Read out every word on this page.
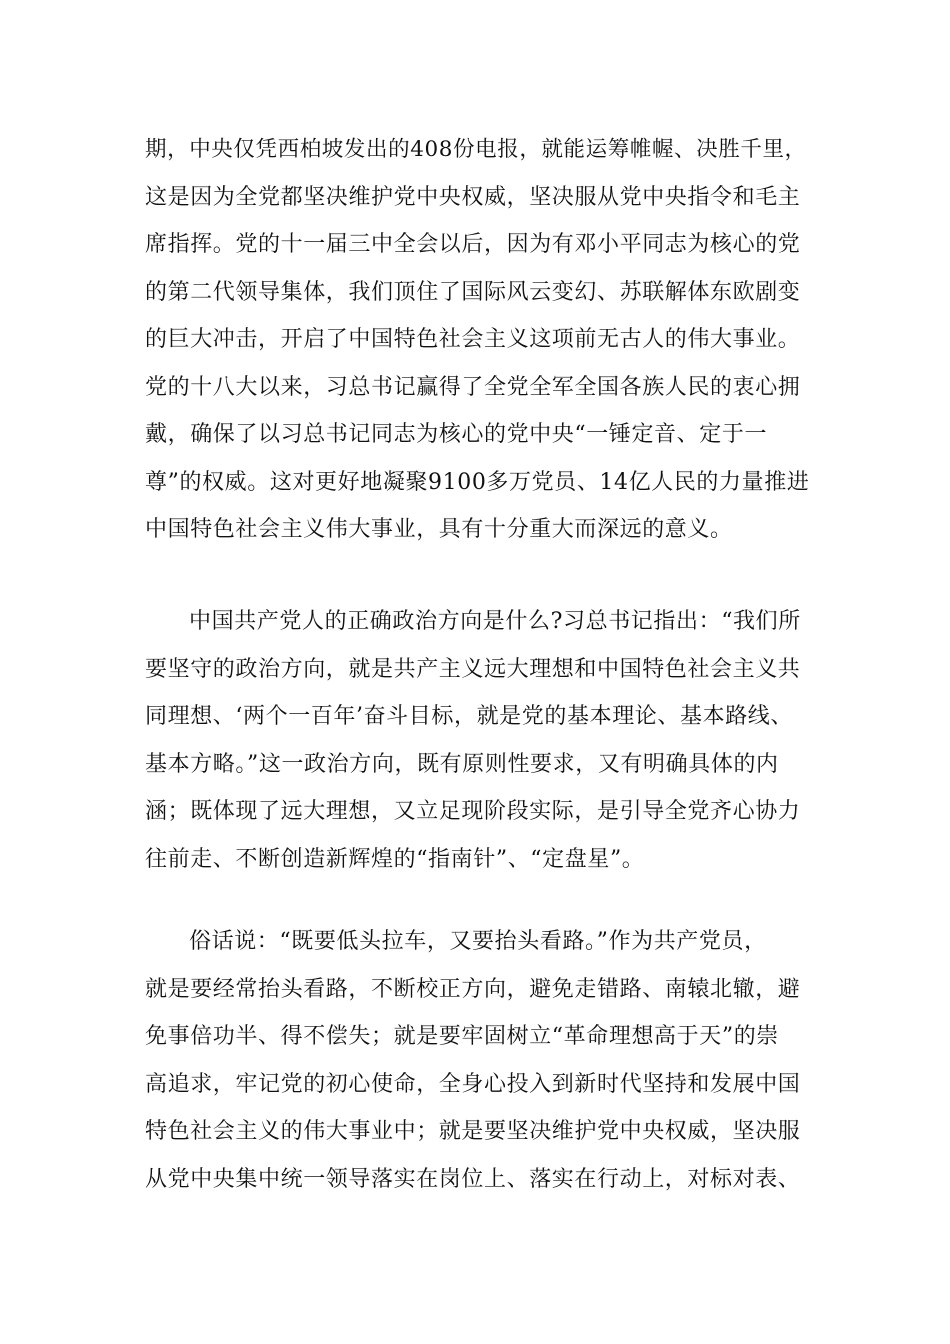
期，中央仅凭西柏坡发出的408份电报，就能运筹帷幄、决胜千里，
这是因为全党都坚决维护党中央权威，坚决服从党中央指令和毛主
席指挥。党的十一届三中全会以后，因为有邓小平同志为核心的党
的第二代领导集体，我们顶住了国际风云变幻、苏联解体东欧剧变
的巨大冲击，开启了中国特色社会主义这项前无古人的伟大事业。
党的十八大以来，习总书记赢得了全党全军全国各族人民的衷心拥
戴，确保了以习总书记同志为核心的党中央“一锤定音、定于一
尊”的权威。这对更好地凝聚9100多万党员、14亿人民的力量推进
中国特色社会主义伟大事业，具有十分重大而深远的意义。
中国共产党人的正确政治方向是什么?习总书记指出：“我们所
要坚守的政治方向，就是共产主义远大理想和中国特色社会主义共
同理想、‘两个一百年’奋斗目标，就是党的基本理论、基本路线、
基本方略。”这一政治方向，既有原则性要求，又有明确具体的内
涵；既体现了远大理想，又立足现阶段实际，是引导全党齐心协力
往前走、不断创造新辉煌的“指南针”、“定盘星”。
俗话说：“既要低头拉车，又要抬头看路。”作为共产党员，
就是要经常抬头看路，不断校正方向，避免走错路、南辕北辙，避
免事倍功半、得不偿失；就是要牢固树立“革命理想高于天”的崇
高追求，牢记党的初心使命，全身心投入到新时代坚持和发展中国
特色社会主义的伟大事业中；就是要坚决维护党中央权威，坚决服
从党中央集中统一领导落实在岗位上、落实在行动上，对标对表、
